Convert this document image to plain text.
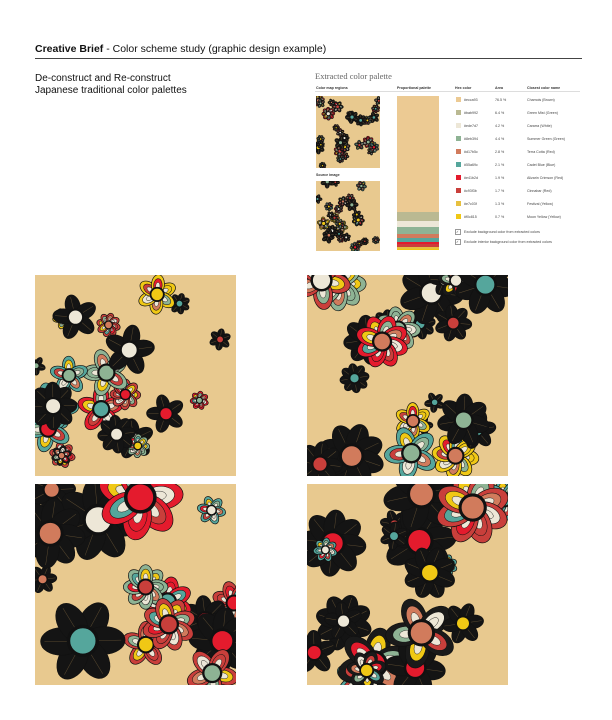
Creative Brief - Color scheme study (graphic design example)
De-construct and Re-construct
Japanese traditional color palettes
Extracted color palette
Color map regions	Proportional palette	Hex color	Area	Closest color name
Source image
#ecca93	76.5 %	Chamois (Brown)
#bab992	6.4 %	Green Mist (Green)
#ede7d7	4.2 %	Cararra (White)
#8eb394	4.4 %	Summer Green (Green)
#d17b5c	2.8 %	Terra Cotta (Red)
#55a69c	2.1 %	Cadet Blue (Blue)
#e41b2d	1.9 %	Alizarin Crimson (Red)
#c93f3b	1.7 %	Cinnabar (Red)
#e7c03f	1.3 %	Festival (Yellow)
#f0c815	0.7 %	Moon Yellow (Yellow)
✓ Exclude background color from extracted colors
✓ Exclude interior background color from extracted colors
